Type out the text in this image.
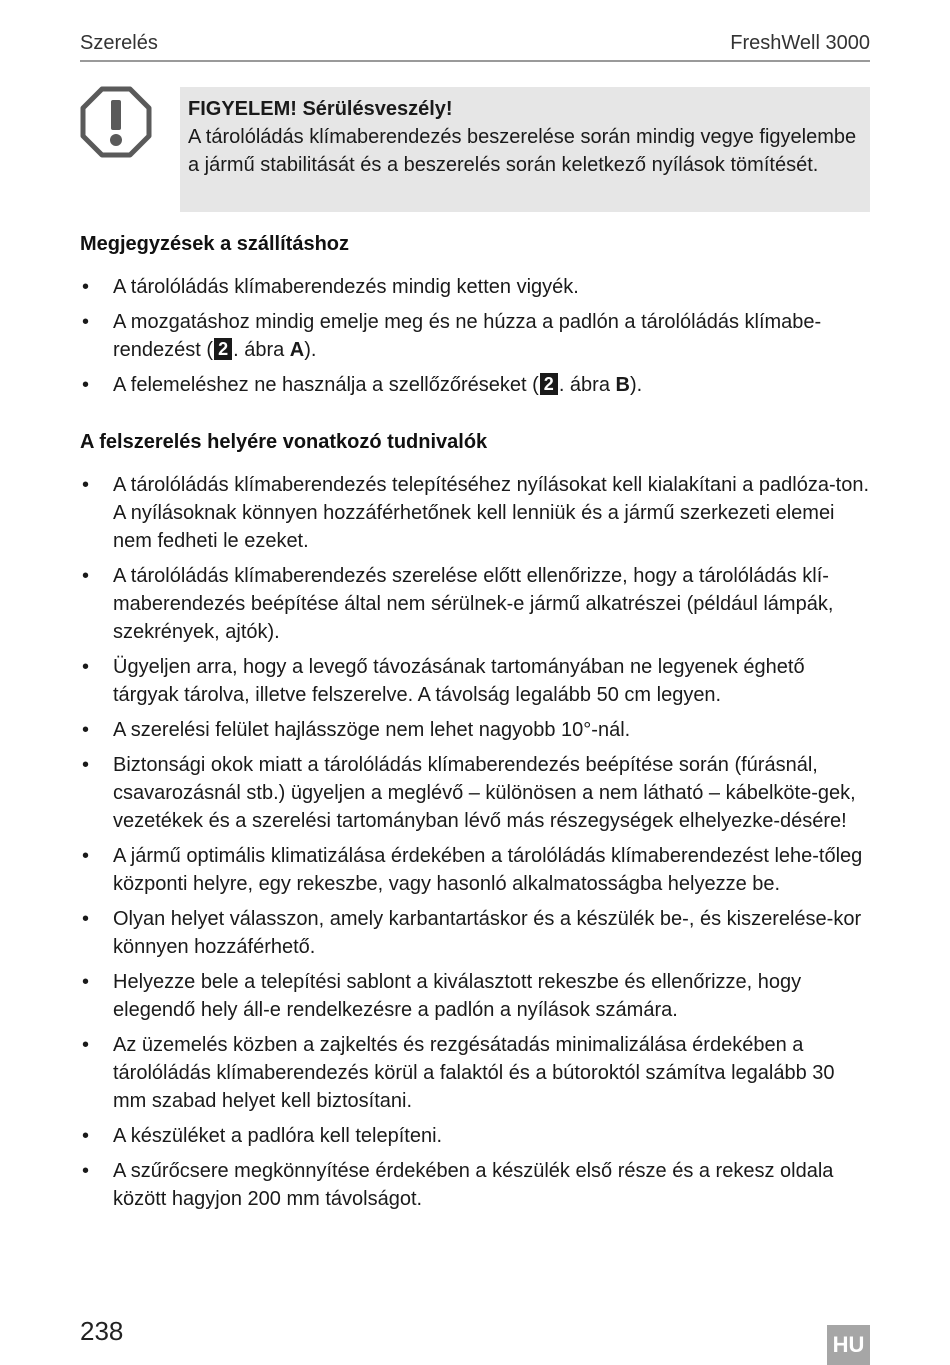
Szerelés	FreshWell 3000
FIGYELEM! Sérülésveszély!
A tárolóládás klímaberendezés beszerelése során mindig vegye figyelembe a jármű stabilitását és a beszerelés során keletkező nyílások tömítését.
Megjegyzések a szállításhoz
• A tárolóládás klímaberendezés mindig ketten vigyék.
• A mozgatáshoz mindig emelje meg és ne húzza a padlón a tárolóládás klímabe-rendezést ( 2 . ábra A).
• A felemeléshez ne használja a szellőzőréseket ( 2 . ábra B).
A felszerelés helyére vonatkozó tudnivalók
• A tárolóládás klímaberendezés telepítéséhez nyílásokat kell kialakítani a padlóza-ton. A nyílásoknak könnyen hozzáférhetőnek kell lenniük és a jármű szerkezeti elemei nem fedheti le ezeket.
• A tárolóládás klímaberendezés szerelése előtt ellenőrizze, hogy a tárolóládás klí-maberendezés beépítése által nem sérülnek-e jármű alkatrészei (például lámpák, szekrények, ajtók).
• Ügyeljen arra, hogy a levegő távozásának tartományában ne legyenek éghető tárgyak tárolva, illetve felszerelve. A távolság legalább 50 cm legyen.
• A szerelési felület hajlásszöge nem lehet nagyobb 10°-nál.
• Biztonsági okok miatt a tárolóládás klímaberendezés beépítése során (fúrásnál, csavarozásnál stb.) ügyeljen a meglévő – különösen a nem látható – kábelköte-gek, vezetékek és a szerelési tartományban lévő más részegységek elhelyezke-désére!
• A jármű optimális klimatizálása érdekében a tárolóládás klímaberendezést lehe-tőleg központi helyre, egy rekeszbe, vagy hasonló alkalmatosságba helyezze be.
• Olyan helyet válasszon, amely karbantartáskor és a készülék be-, és kiszerelése-kor könnyen hozzáférhető.
• Helyezze bele a telepítési sablont a kiválasztott rekeszbe és ellenőrizze, hogy elegendő hely áll-e rendelkezésre a padlón a nyílások számára.
• Az üzemelés közben a zajkeltés és rezgésátadás minimalizálása érdekében a tárolóládás klímaberendezés körül a falaktól és a bútoroktól számítva legalább 30 mm szabad helyet kell biztosítani.
• A készüléket a padlóra kell telepíteni.
• A szűrőcsere megkönnyítése érdekében a készülék első része és a rekesz oldala között hagyjon 200 mm távolságot.
238	HU
